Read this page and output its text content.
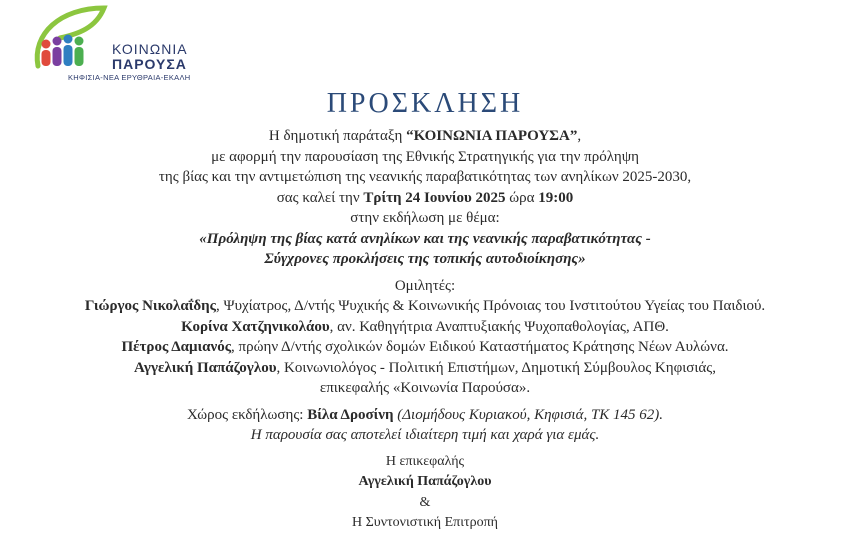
ΚΟΙΝΩΝΙΑ
ΠΑΡΟΥΣΑ
ΚΗΦΙΣΙΑ-ΝΕΑ ΕΡΥΘΡΑΙΑ-ΕΚΑΛΗ
ΠΡΟΣΚΛΗΣΗ
Η δημοτική παράταξη “ΚΟΙΝΩΝΙΑ ΠΑΡΟΥΣΑ”,
με αφορμή την παρουσίαση της Εθνικής Στρατηγικής για την πρόληψη
της βίας και την αντιμετώπιση της νεανικής παραβατικότητας των ανηλίκων 2025-2030,
σας καλεί την Τρίτη 24 Ιουνίου 2025 ώρα 19:00
στην εκδήλωση με θέμα:
«Πρόληψη της βίας κατά ανηλίκων και της νεανικής παραβατικότητας -
Σύγχρονες προκλήσεις της τοπικής αυτοδιοίκησης»
Ομιλητές:
Γιώργος Νικολαΐδης, Ψυχίατρος, Δ/ντής Ψυχικής & Κοινωνικής Πρόνοιας του Ινστιτούτου Υγείας του Παιδιού.
Κορίνα Χατζηνικολάου, αν. Καθηγήτρια Αναπτυξιακής Ψυχοπαθολογίας, ΑΠΘ.
Πέτρος Δαμιανός, πρώην Δ/ντής σχολικών δομών Ειδικού Καταστήματος Κράτησης Νέων Αυλώνα.
Αγγελική Παπάζογλου, Κοινωνιολόγος - Πολιτική Επιστήμων, Δημοτική Σύμβουλος Κηφισιάς,
επικεφαλής «Κοινωνία Παρούσα».
Χώρος εκδήλωσης: Βίλα Δροσίνη (Διομήδους Κυριακού, Κηφισιά, ΤΚ 145 62).
Η παρουσία σας αποτελεί ιδιαίτερη τιμή και χαρά για εμάς.
Η επικεφαλής
Αγγελική Παπάζογλου
&
Η Συντονιστική Επιτροπή
